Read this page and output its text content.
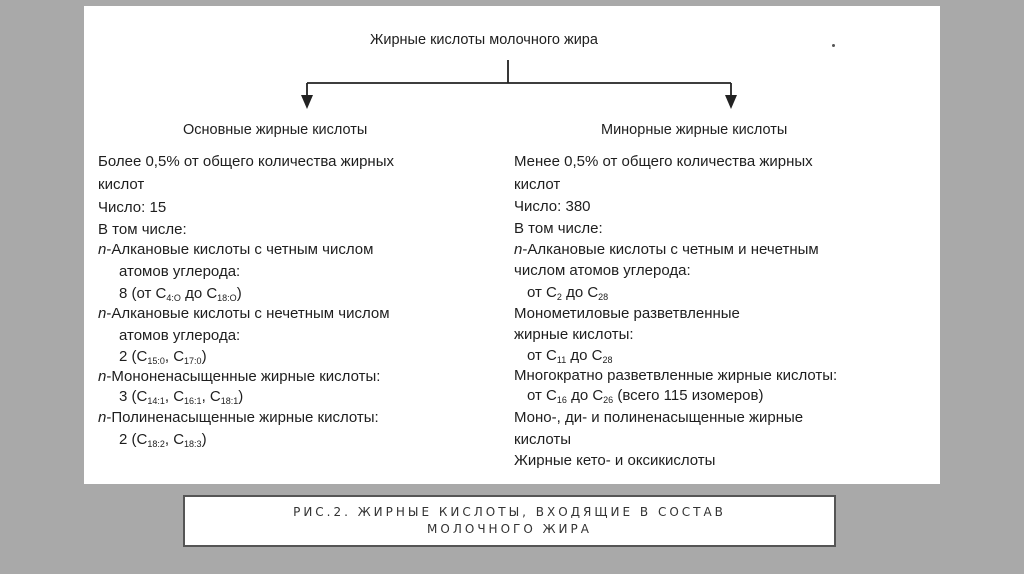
Жирные кислоты молочного жира
Основные жирные кислоты
Более 0,5% от общего количества жирных
кислот
Число: 15
В том числе:
n-Алкановые кислоты с четным числом
атомов углерода:
8 (от $C_{4:O}$ до $C_{18:O}$)
n-Алкановые кислоты с нечетным числом
атомов углерода:
2 ($C_{15:0}$, $C_{17:0}$)
n-Мононенасыщенные жирные кислоты:
3 ($C_{14:1}$, $C_{16:1}$, $C_{18:1}$)
n-Полиненасыщенные жирные кислоты:
2 ($C_{18:2}$, $C_{18:3}$)
Минорные жирные кислоты
Менее 0,5% от общего количества жирных
кислот
Число: 380
В том числе:
n-Алкановые кислоты с четным и нечетным
числом атомов углерода:
от $C_2$ до $C_{28}$
Монометиловые разветвленные
жирные кислоты:
от $C_{11}$ до $C_{28}$
Многократно разветвленные жирные кислоты:
от $C_{16}$ до $C_{26}$ (всего 115 изомеров)
Моно-, ди- и полиненасыщенные жирные
кислоты
Жирные кето- и оксикислоты
РИС.2. ЖИРНЫЕ КИСЛОТЫ, ВХОДЯЩИЕ В СОСТАВ
МОЛОЧНОГО ЖИРА
